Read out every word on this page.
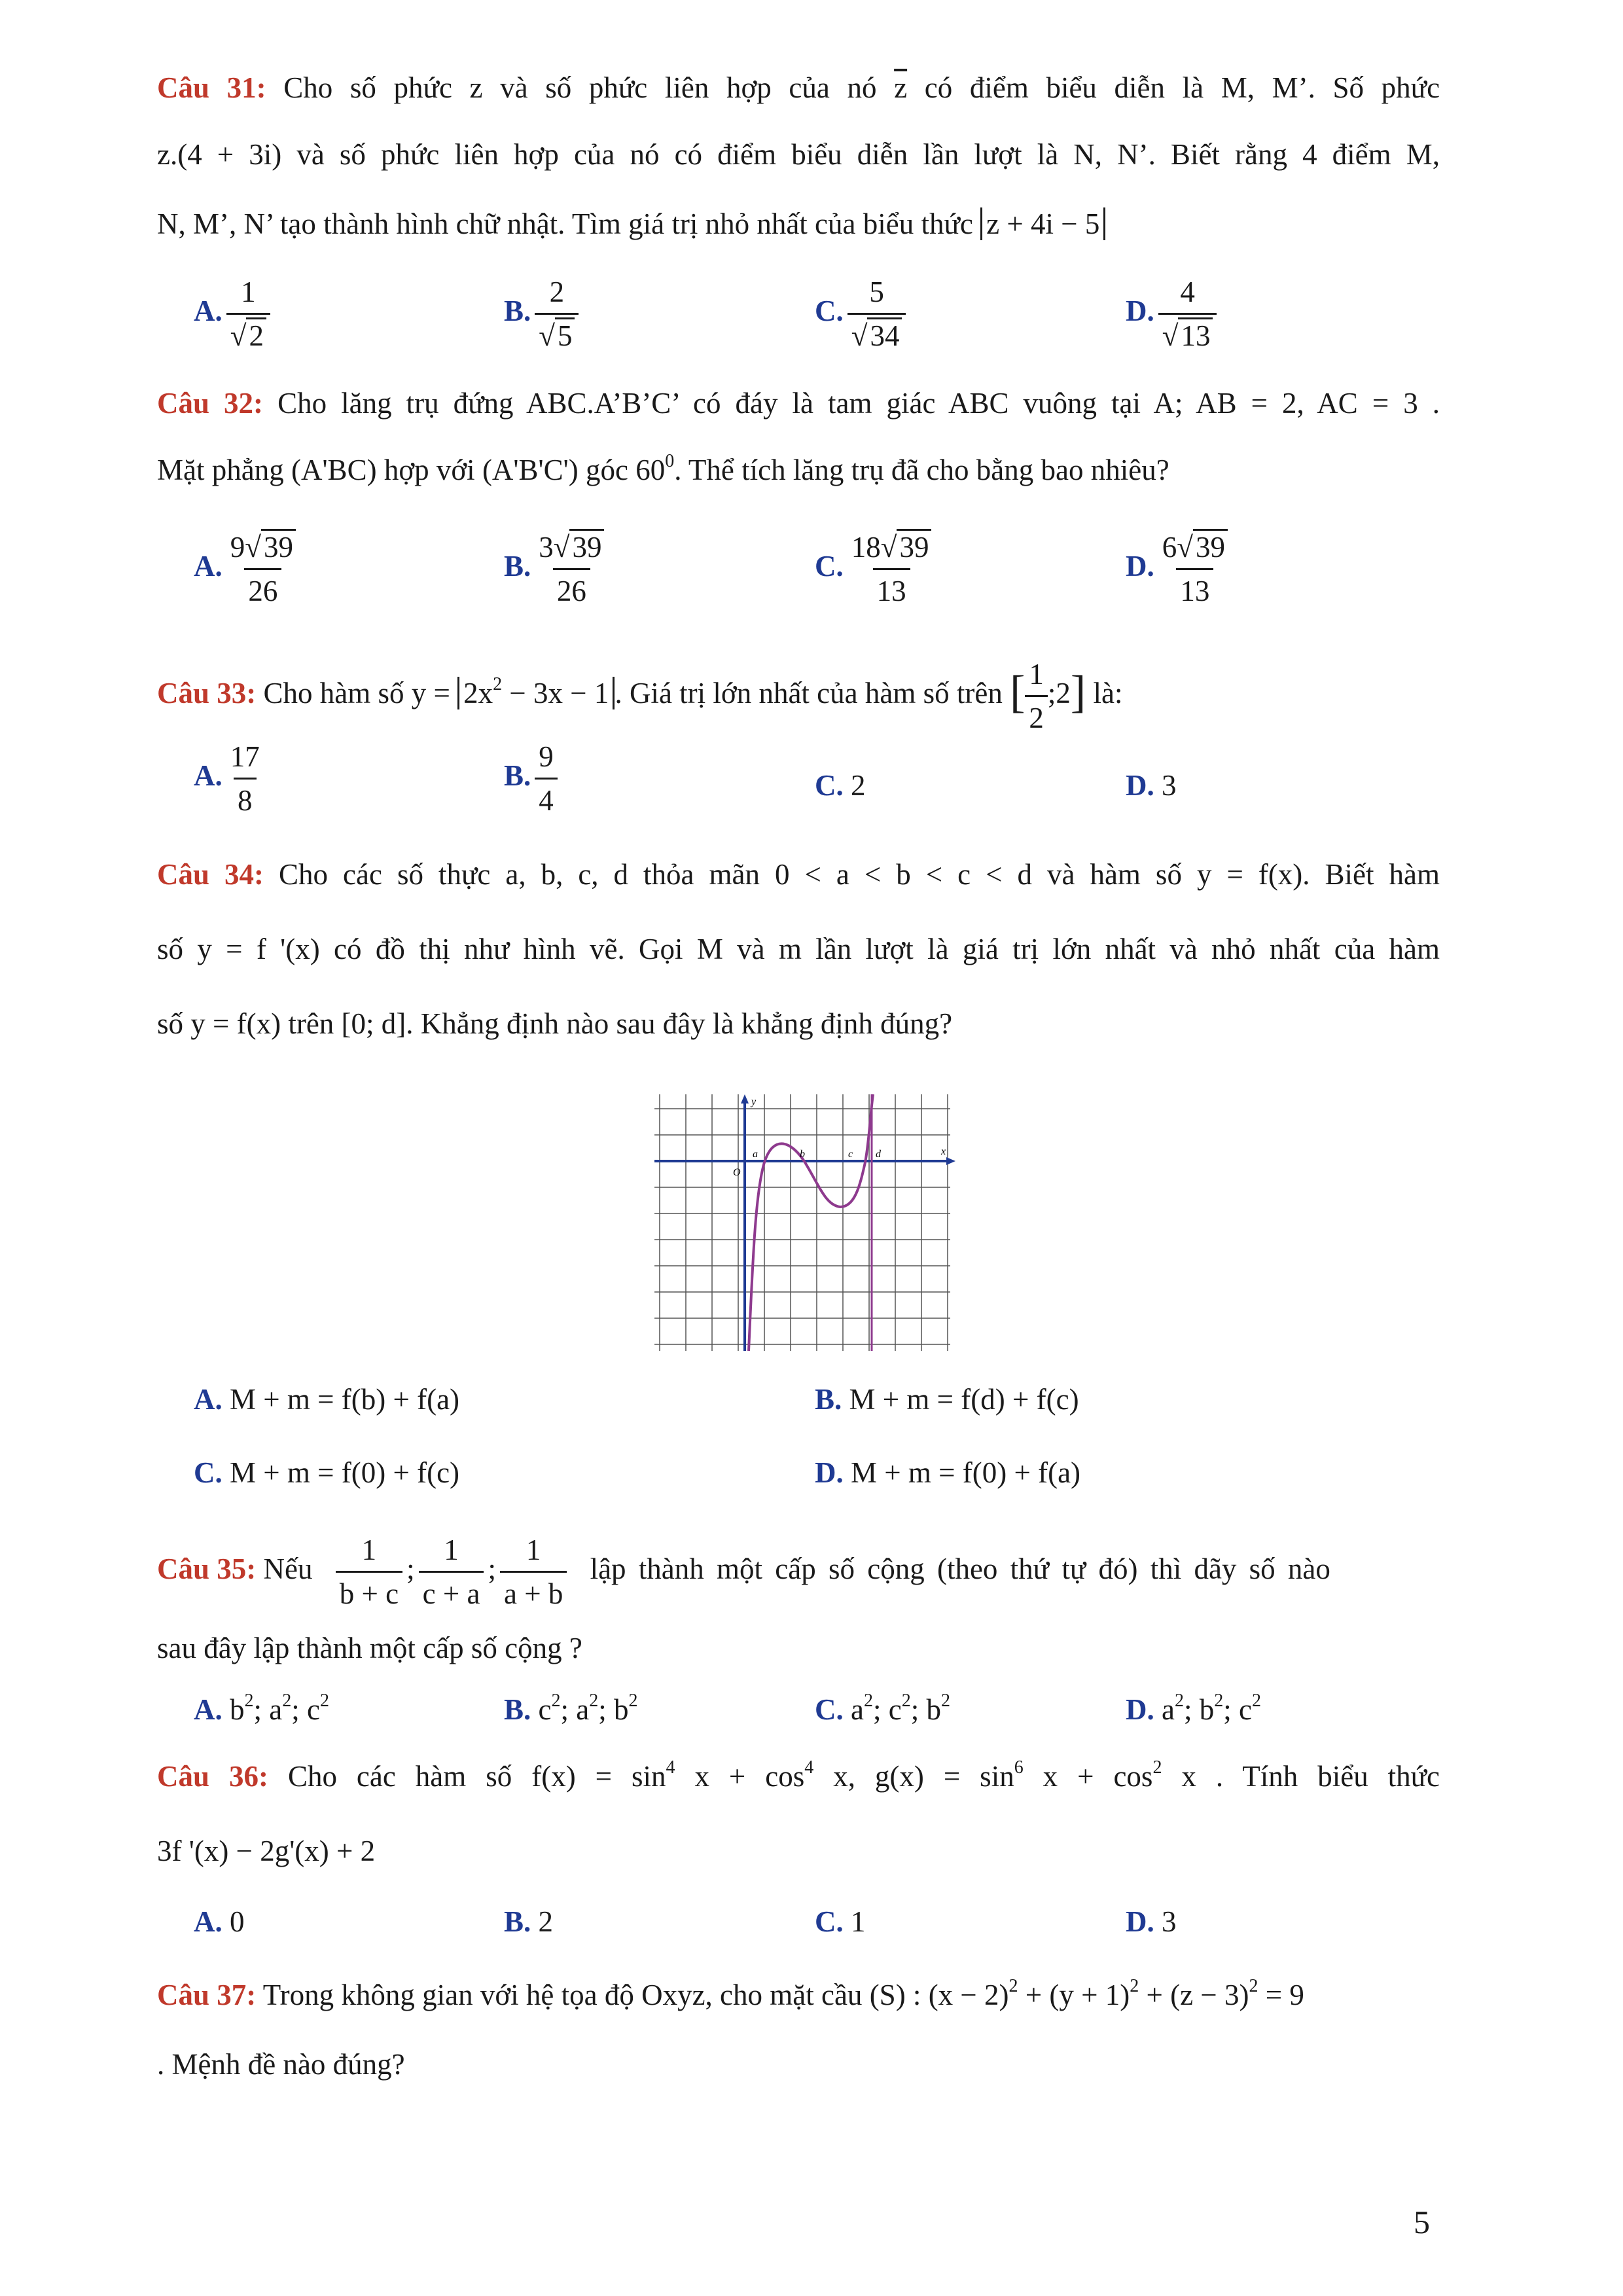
Câu 31: Cho số phức z và số phức liên hợp của nó $\overline{z}$ có điểm biểu diễn là M, M’. Số phức
z.(4 + 3i) và số phức liên hợp của nó có điểm biểu diễn lần lượt là N, N’. Biết rằng 4 điểm M,
N, M’, N’ tạo thành hình chữ nhật. Tìm giá trị nhỏ nhất của biểu thức z + 4i − 5
A. $\frac{1}{√2}$	B. $\frac{2}{√5}$	C. $\frac{5}{√34}$	D. $\frac{4}{√13}$
Câu 32: Cho lăng trụ đứng ABC.A’B’C’ có đáy là tam giác ABC vuông tại A; AB = 2, AC = 3 .
Mặt phẳng (A'BC) hợp với (A'B'C') góc $60^0$. Thể tích lăng trụ đã cho bằng bao nhiêu?
A. $\frac{9√39}{26}$	B. $\frac{3√39}{26}$	C. $\frac{18√39}{13}$	D. $\frac{6√39}{13}$
Câu 33: Cho hàm số $y = 2x^2 - 3x - 1$ . Giá trị lớn nhất của hàm số trên [ $\frac{1}{2}$ ;2] là:
A. $\frac{17}{8}$	B. $\frac{9}{4}$	C. 2	D. 3
Câu 34: Cho các số thực a, b, c, d thỏa mãn 0 < a < b < c < d và hàm số y = f(x). Biết hàm
số y = f '(x) có đồ thị như hình vẽ. Gọi M và m lần lượt là giá trị lớn nhất và nhỏ nhất của hàm
số y = f(x) trên [0; d]. Khẳng định nào sau đây là khẳng định đúng?
y
x
O
a	b	c d
A. M + m = f(b) + f(a)	B. M + m = f(d) + f(c)
C. M + m = f(0) + f(c)	D. M + m = f(0) + f(a)
Câu 35: Nếu $\frac{1}{b + c}$ ; $\frac{1}{c + a}$ ; $\frac{1}{a + b}$ lập thành một cấp số cộng (theo thứ tự đó) thì dãy số nào
sau đây lập thành một cấp số cộng ?
A. $b^2$; $a^2$; $c^2$	B. $c^2$; $a^2$; $b^2$	C. $a^2$; $c^2$; $b^2$	D. $a^2$; $b^2$; $c^2$
Câu 36: Cho các hàm số $f(x) = \sin^4 x + \cos^4 x$, $g(x) = \sin^6 x + \cos^2 x$ . Tính biểu thức
3f '(x) − 2g'(x) + 2
A. 0	B. 2	C. 1	D. 3
Câu 37: Trong không gian với hệ tọa độ Oxyz, cho mặt cầu (S) : $(x - 2)^2 + (y + 1)^2 + (z - 3)^2 = 9$
. Mệnh đề nào đúng?
5
